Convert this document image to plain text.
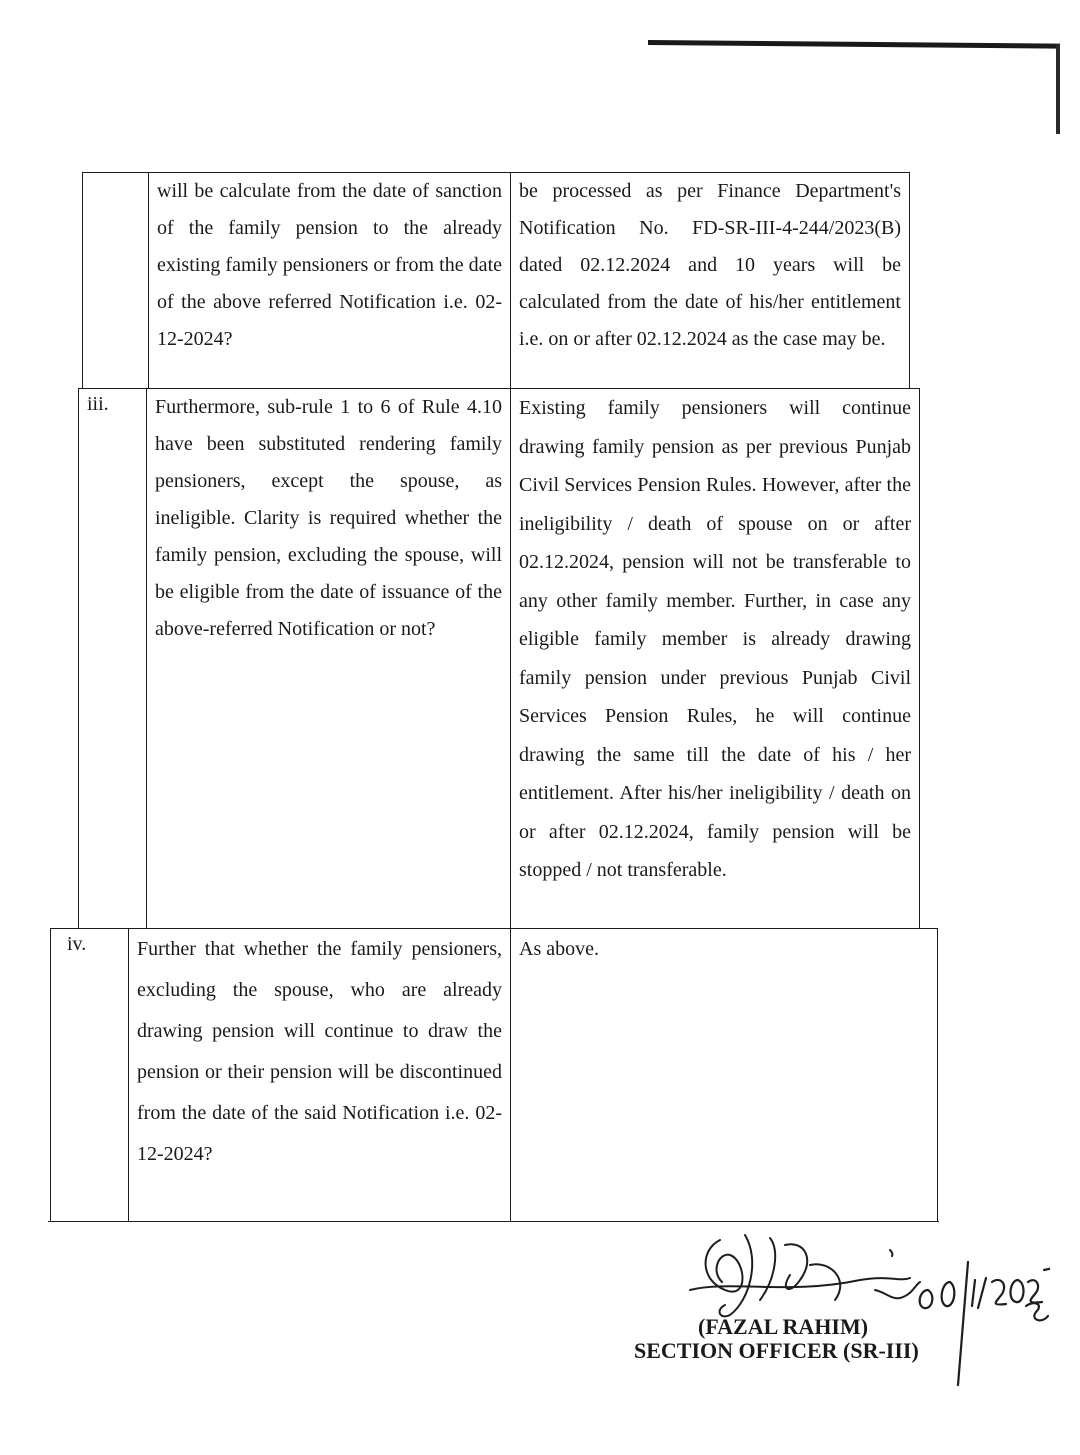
will be calculate from the date of sanction of the family pension to the already existing family pensioners or from the date of the above referred Notification i.e. 02-12-2024?

be processed as per Finance Department's Notification No. FD-SR-III-4-244/2023(B) dated 02.12.2024 and 10 years will be calculated from the date of his/her entitlement i.e. on or after 02.12.2024 as the case may be.

iii.	Furthermore, sub-rule 1 to 6 of Rule 4.10 have been substituted rendering family pensioners, except the spouse, as ineligible. Clarity is required whether the family pension, excluding the spouse, will be eligible from the date of issuance of the above-referred Notification or not?

Existing family pensioners will continue drawing family pension as per previous Punjab Civil Services Pension Rules. However, after the ineligibility / death of spouse on or after 02.12.2024, pension will not be transferable to any other family member. Further, in case any eligible family member is already drawing family pension under previous Punjab Civil Services Pension Rules, he will continue drawing the same till the date of his / her entitlement. After his/her ineligibility / death on or after 02.12.2024, family pension will be stopped / not transferable.

iv.	Further that whether the family pensioners, excluding the spouse, who are already drawing pension will continue to draw the pension or their pension will be discontinued from the date of the said Notification i.e. 02-12-2024?

As above.

(FAZAL RAHIM)
SECTION OFFICER (SR-III)
